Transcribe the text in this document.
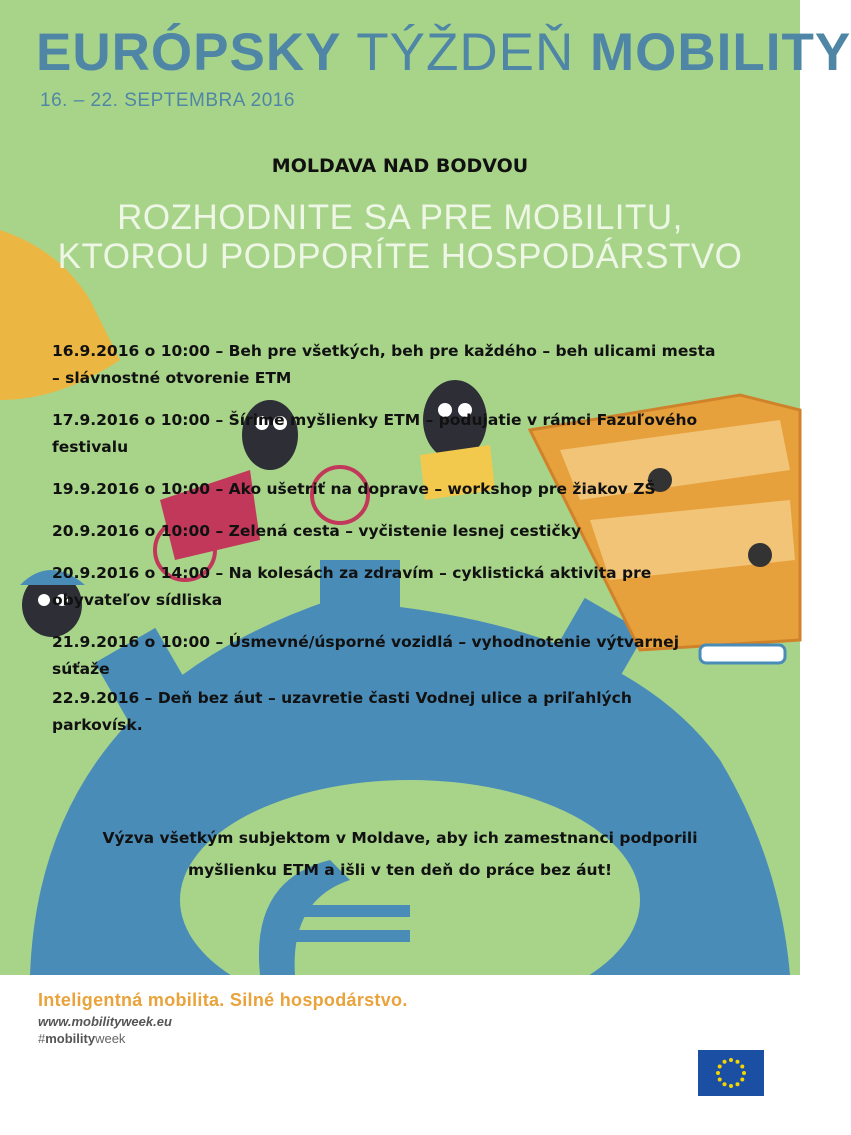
EURÓPSKY TÝŽDEŇ MOBILITY
16. – 22. SEPTEMBRA 2016
MOLDAVA NAD BODVOU
ROZHODNITE SA PRE MOBILITU,
KTOROU PODPORÍTE HOSPODÁRSTVO
16.9.2016 o 10:00 – Beh pre všetkých, beh pre každého – beh ulicami mesta
– slávnostné otvorenie ETM
17.9.2016 o 10:00 – Šírime myšlienky ETM – podujatie v rámci Fazuľového
festivalu
19.9.2016 o 10:00 – Ako ušetriť na doprave – workshop pre žiakov ZŠ
20.9.2016 o 10:00 – Zelená cesta – vyčistenie lesnej cestičky
20.9.2016 o 14:00 – Na kolesách za zdravím – cyklistická aktivita pre
obyvateľov sídliska
21.9.2016 o 10:00 – Úsmevné/úsporné vozidlá – vyhodnotenie výtvarnej
súťaže
22.9.2016 – Deň bez áut – uzavretie časti Vodnej ulice a priľahlých
parkovísk.
Výzva všetkým subjektom v Moldave, aby ich zamestnanci podporili
myšlienku ETM a išli v ten deň do práce bez áut!
Inteligentná mobilita. Silné hospodárstvo.
www.mobilityweek.eu
#mobilityweek
